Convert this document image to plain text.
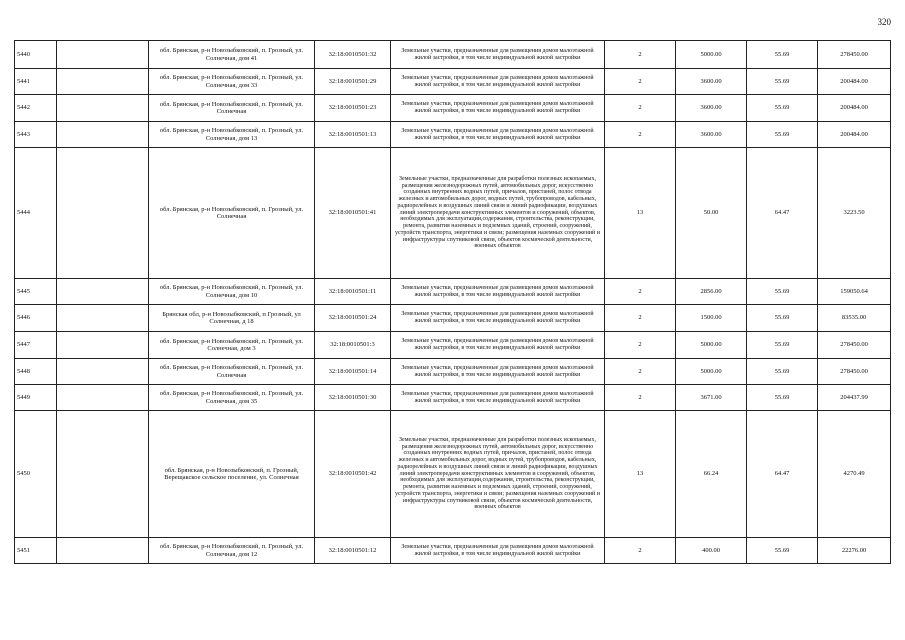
320
5440		обл. Брянская, р-н Новозыбковский, п. Грозный, ул. Солнечная, дом 41	32:18:0010501:32	Земельные участки, предназначенные для размещения домов малоэтажной жилой застройки, в том числе индивидуальной жилой застройки	2	5000.00	55.69	278450.00
5441		обл. Брянская, р-н Новозыбковский, п. Грозный, ул. Солнечная, дом 33	32:18:0010501:29	Земельные участки, предназначенные для размещения домов малоэтажной жилой застройки, в том числе индивидуальной жилой застройки	2	3600.00	55.69	200484.00
5442		обл. Брянская, р-н Новозыбковский, п. Грозный, ул. Солнечная	32:18:0010501:23	Земельные участки, предназначенные для размещения домов малоэтажной жилой застройки, в том числе индивидуальной жилой застройки	2	3600.00	55.69	200484.00
5443		обл. Брянская, р-н Новозыбковский, п. Грозный, ул. Солнечная, дом 13	32:18:0010501:13	Земельные участки, предназначенные для размещения домов малоэтажной жилой застройки, в том числе индивидуальной жилой застройки	2	3600.00	55.69	200484.00
5444		обл. Брянская, р-н Новозыбковский, п. Грозный, ул. Солнечная	32:18:0010501:41	Земельные участки, предназначенные для разработки полезных ископаемых, размещения железнодорожных путей, автомобильных дорог, искусственно созданных внутренних водных путей, причалов, пристаней, полос отвода железных и автомобильных дорог, водных путей, трубопроводов, кабельных, радиорелейных и воздушных линий связи и линий радиофикации, воздушных линий электропередачи конструктивных элементов и сооружений, объектов, необходимых для эксплуатации,содержания, строительства, реконструкции, ремонта, развития наземных и подземных зданий, строений, сооружений, устройств транспорта, энергетики и связи; размещения наземных сооружений и инфраструктуры спутниковой связи, объектов космической деятельности, военных объектов	13	50.00	64.47	3223.50
5445		обл. Брянская, р-н Новозыбковский, п. Грозный, ул. Солнечная, дом 10	32:18:0010501:11	Земельные участки, предназначенные для размещения домов малоэтажной жилой застройки, в том числе индивидуальной жилой застройки	2	2856.00	55.69	159050.64
5446		Брянская обл, р-н Новозыбковский, п Грозный, ул Солнечная, д 18	32:18:0010501:24	Земельные участки, предназначенные для размещения домов малоэтажной жилой застройки, в том числе индивидуальной жилой застройки	2	1500.00	55.69	83535.00
5447		обл. Брянская, р-н Новозыбковский, п. Грозный, ул. Солнечная, дом 3	32:18:0010501:3	Земельные участки, предназначенные для размещения домов малоэтажной жилой застройки, в том числе индивидуальной жилой застройки	2	5000.00	55.69	278450.00
5448		обл. Брянская, р-н Новозыбковский, п. Грозный, ул. Солнечная	32:18:0010501:14	Земельные участки, предназначенные для размещения домов малоэтажной жилой застройки, в том числе индивидуальной жилой застройки	2	5000.00	55.69	278450.00
5449		обл. Брянская, р-н Новозыбковский, п. Грозный, ул. Солнечная, дом 35	32:18:0010501:30	Земельные участки, предназначенные для размещения домов малоэтажной жилой застройки, в том числе индивидуальной жилой застройки	2	3671.00	55.69	204437.99
5450		обл. Брянская, р-н Новозыбковский, п. Грозный, Верещакское сельское поселение, ул. Солнечная	32:18:0010501:42	Земельные участки, предназначенные для разработки полезных ископаемых, размещения железнодорожных путей, автомобильных дорог, искусственно созданных внутренних водных путей, причалов, пристаней, полос отвода железных и автомобильных дорог, водных путей, трубопроводов, кабельных, радиорелейных и воздушных линий связи и линий радиофикации, воздушных линий электропередачи конструктивных элементов и сооружений, объектов, необходимых для эксплуатации,содержания, строительства, реконструкции, ремонта, развития наземных и подземных зданий, строений, сооружений, устройств транспорта, энергетики и связи; размещения наземных сооружений и инфраструктуры спутниковой связи, объектов космической деятельности, военных объектов	13	66.24	64.47	4270.49
5451		обл. Брянская, р-н Новозыбковский, п. Грозный, ул. Солнечная, дом 12	32:18:0010501:12	Земельные участки, предназначенные для размещения домов малоэтажной жилой застройки, в том числе индивидуальной жилой застройки	2	400.00	55.69	22276.00
